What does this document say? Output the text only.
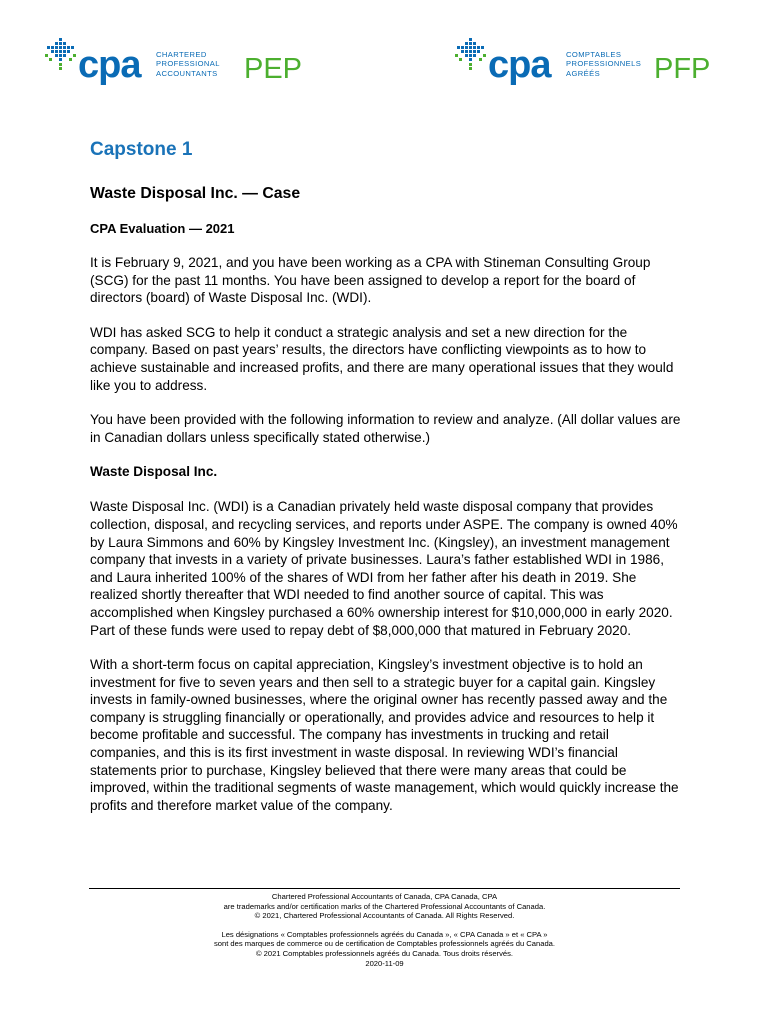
cpa CHARTERED
PROFESSIONAL
ACCOUNTANTS PEP	cpa COMPTABLES
PROFESSIONNELS
AGRÉÉS	PFP
Capstone 1
Waste Disposal Inc. — Case
CPA Evaluation — 2021

It is February 9, 2021, and you have been working as a CPA with Stineman Consulting Group (SCG) for the past 11 months. You have been assigned to develop a report for the board of directors (board) of Waste Disposal Inc. (WDI).

WDI has asked SCG to help it conduct a strategic analysis and set a new direction for the company. Based on past years’ results, the directors have conflicting viewpoints as to how to achieve sustainable and increased profits, and there are many operational issues that they would like you to address.

You have been provided with the following information to review and analyze. (All dollar values are in Canadian dollars unless specifically stated otherwise.)

Waste Disposal Inc.

Waste Disposal Inc. (WDI) is a Canadian privately held waste disposal company that provides collection, disposal, and recycling services, and reports under ASPE. The company is owned 40% by Laura Simmons and 60% by Kingsley Investment Inc. (Kingsley), an investment management company that invests in a variety of private businesses. Laura’s father established WDI in 1986, and Laura inherited 100% of the shares of WDI from her father after his death in 2019. She realized shortly thereafter that WDI needed to find another source of capital. This was accomplished when Kingsley purchased a 60% ownership interest for $10,000,000 in early 2020. Part of these funds were used to repay debt of $8,000,000 that matured in February 2020.

With a short-term focus on capital appreciation, Kingsley’s investment objective is to hold an investment for five to seven years and then sell to a strategic buyer for a capital gain. Kingsley invests in family-owned businesses, where the original owner has recently passed away and the company is struggling financially or operationally, and provides advice and resources to help it become profitable and successful. The company has investments in trucking and retail companies, and this is its first investment in waste disposal. In reviewing WDI’s financial statements prior to purchase, Kingsley believed that there were many areas that could be improved, within the traditional segments of waste management, which would quickly increase the profits and therefore market value of the company.

Chartered Professional Accountants of Canada, CPA Canada, CPA
are trademarks and/or certification marks of the Chartered Professional Accountants of Canada.
© 2021, Chartered Professional Accountants of Canada. All Rights Reserved.
Les désignations « Comptables professionnels agréés du Canada », « CPA Canada » et « CPA »
sont des marques de commerce ou de certification de Comptables professionnels agréés du Canada.
© 2021 Comptables professionnels agréés du Canada. Tous droits réservés.
2020-11-09
